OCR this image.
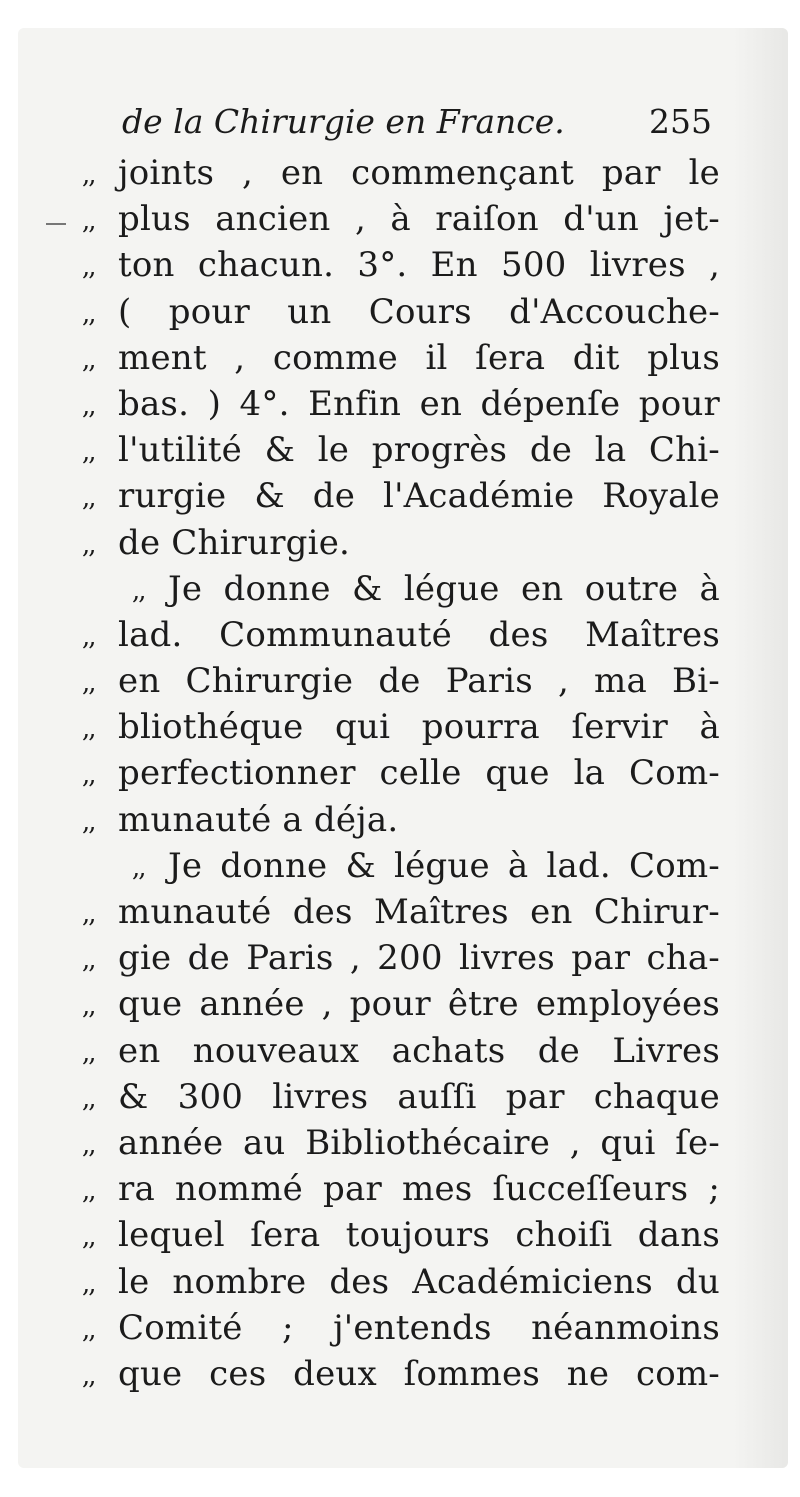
de la Chirurgie en France.	255
,, joints , en commençant par le
,, plus ancien , à raiſon d'un jet-
,, ton chacun. 3°. En 500 livres ,
,, ( pour un Cours d'Accouche-
,, ment , comme il ſera dit plus
,, bas. ) 4°. Enfin en dépenſe pour
,, l'utilité & le progrès de la Chi-
,, rurgie & de l'Académie Royale
,, de Chirurgie.
,, Je donne & légue en outre à
,, lad. Communauté des Maîtres
,, en Chirurgie de Paris , ma Bi-
,, bliothéque qui pourra ſervir à
,, perfectionner celle que la Com-
,, munauté a déja.
,, Je donne & légue à lad. Com-
,, munauté des Maîtres en Chirur-
,, gie de Paris , 200 livres par cha-
,, que année , pour être employées
,, en nouveaux achats de Livres
,, & 300 livres auſſi par chaque
,, année au Bibliothécaire , qui ſe-
,, ra nommé par mes ſucceſſeurs ;
,, lequel ſera toujours choiſi dans
,, le nombre des Académiciens du
,, Comité ; j'entends néanmoins
,, que ces deux ſommes ne com-
